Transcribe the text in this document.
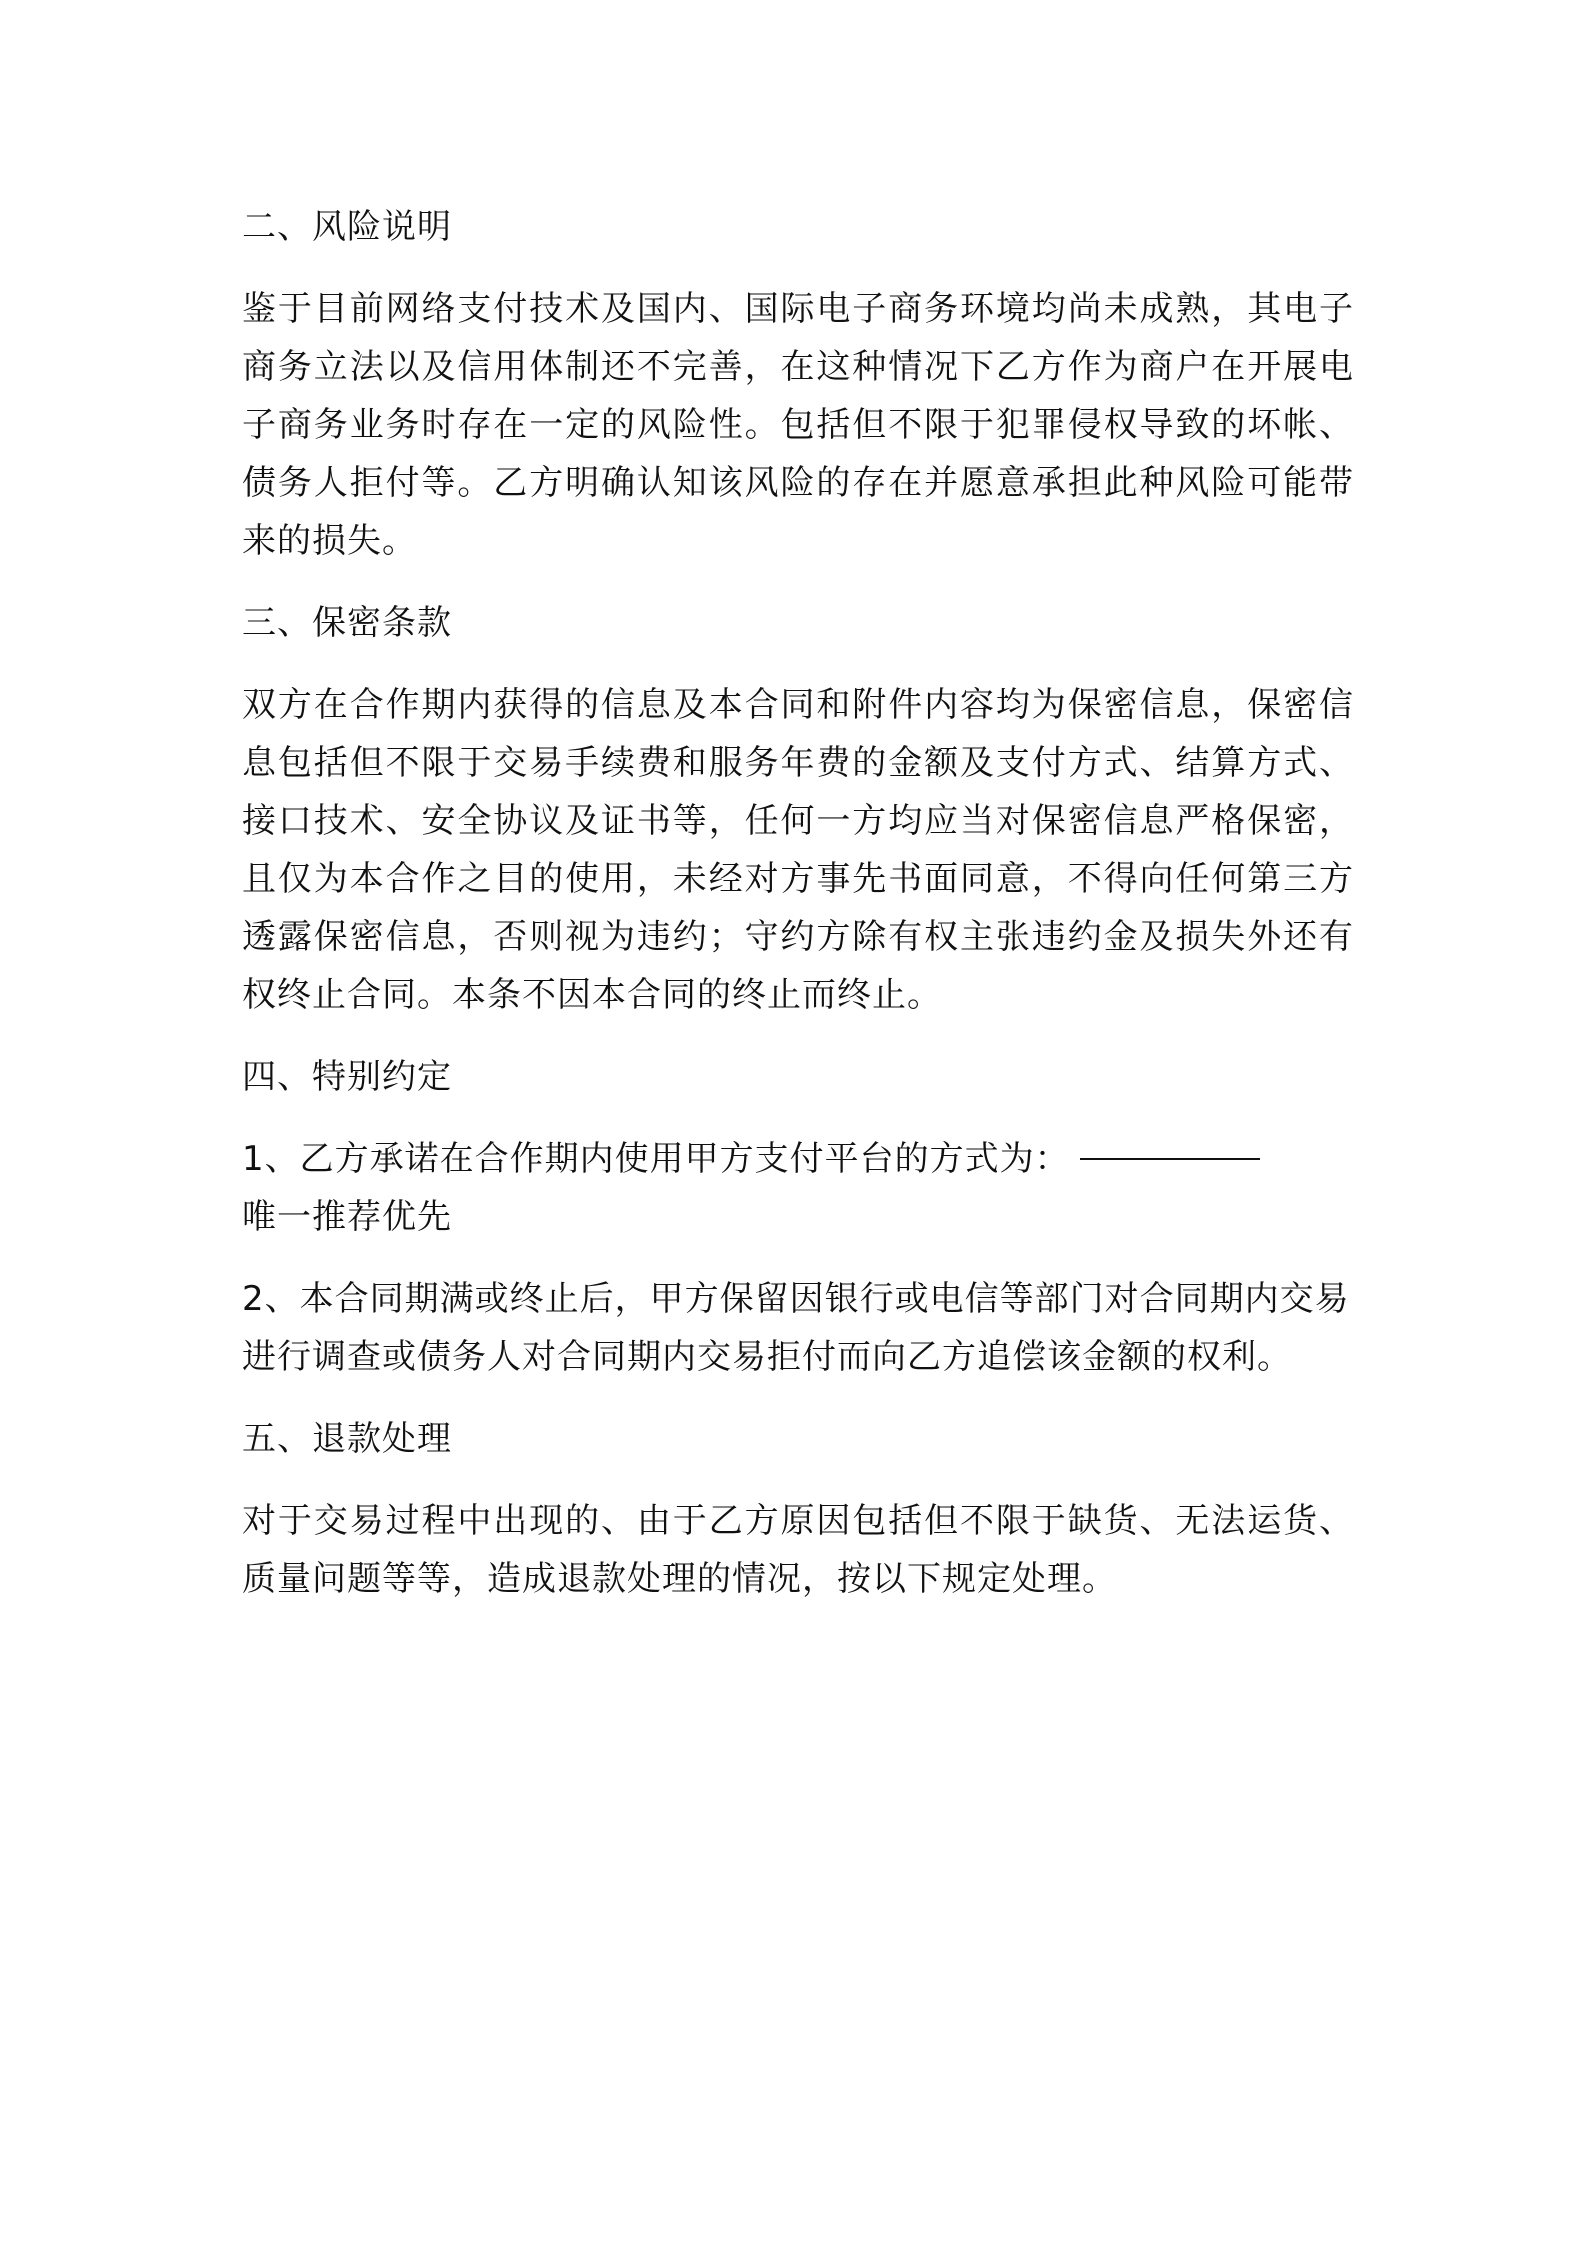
二、风险说明
鉴于目前网络支付技术及国内、国际电子商务环境均尚未成熟，其电子商务立法以及信用体制还不完善，在这种情况下乙方作为商户在开展电子商务业务时存在一定的风险性。包括但不限于犯罪侵权导致的坏帐、债务人拒付等。乙方明确认知该风险的存在并愿意承担此种风险可能带来的损失。
三、保密条款
双方在合作期内获得的信息及本合同和附件内容均为保密信息，保密信息包括但不限于交易手续费和服务年费的金额及支付方式、结算方式、接口技术、安全协议及证书等，任何一方均应当对保密信息严格保密，且仅为本合作之目的使用，未经对方事先书面同意，不得向任何第三方透露保密信息，否则视为违约；守约方除有权主张违约金及损失外还有权终止合同。本条不因本合同的终止而终止。
四、特别约定
1、乙方承诺在合作期内使用甲方支付平台的方式为：
唯一推荐优先
2、本合同期满或终止后，甲方保留因银行或电信等部门对合同期内交易进行调查或债务人对合同期内交易拒付而向乙方追偿该金额的权利。
五、退款处理
对于交易过程中出现的、由于乙方原因包括但不限于缺货、无法运货、质量问题等等，造成退款处理的情况，按以下规定处理。
